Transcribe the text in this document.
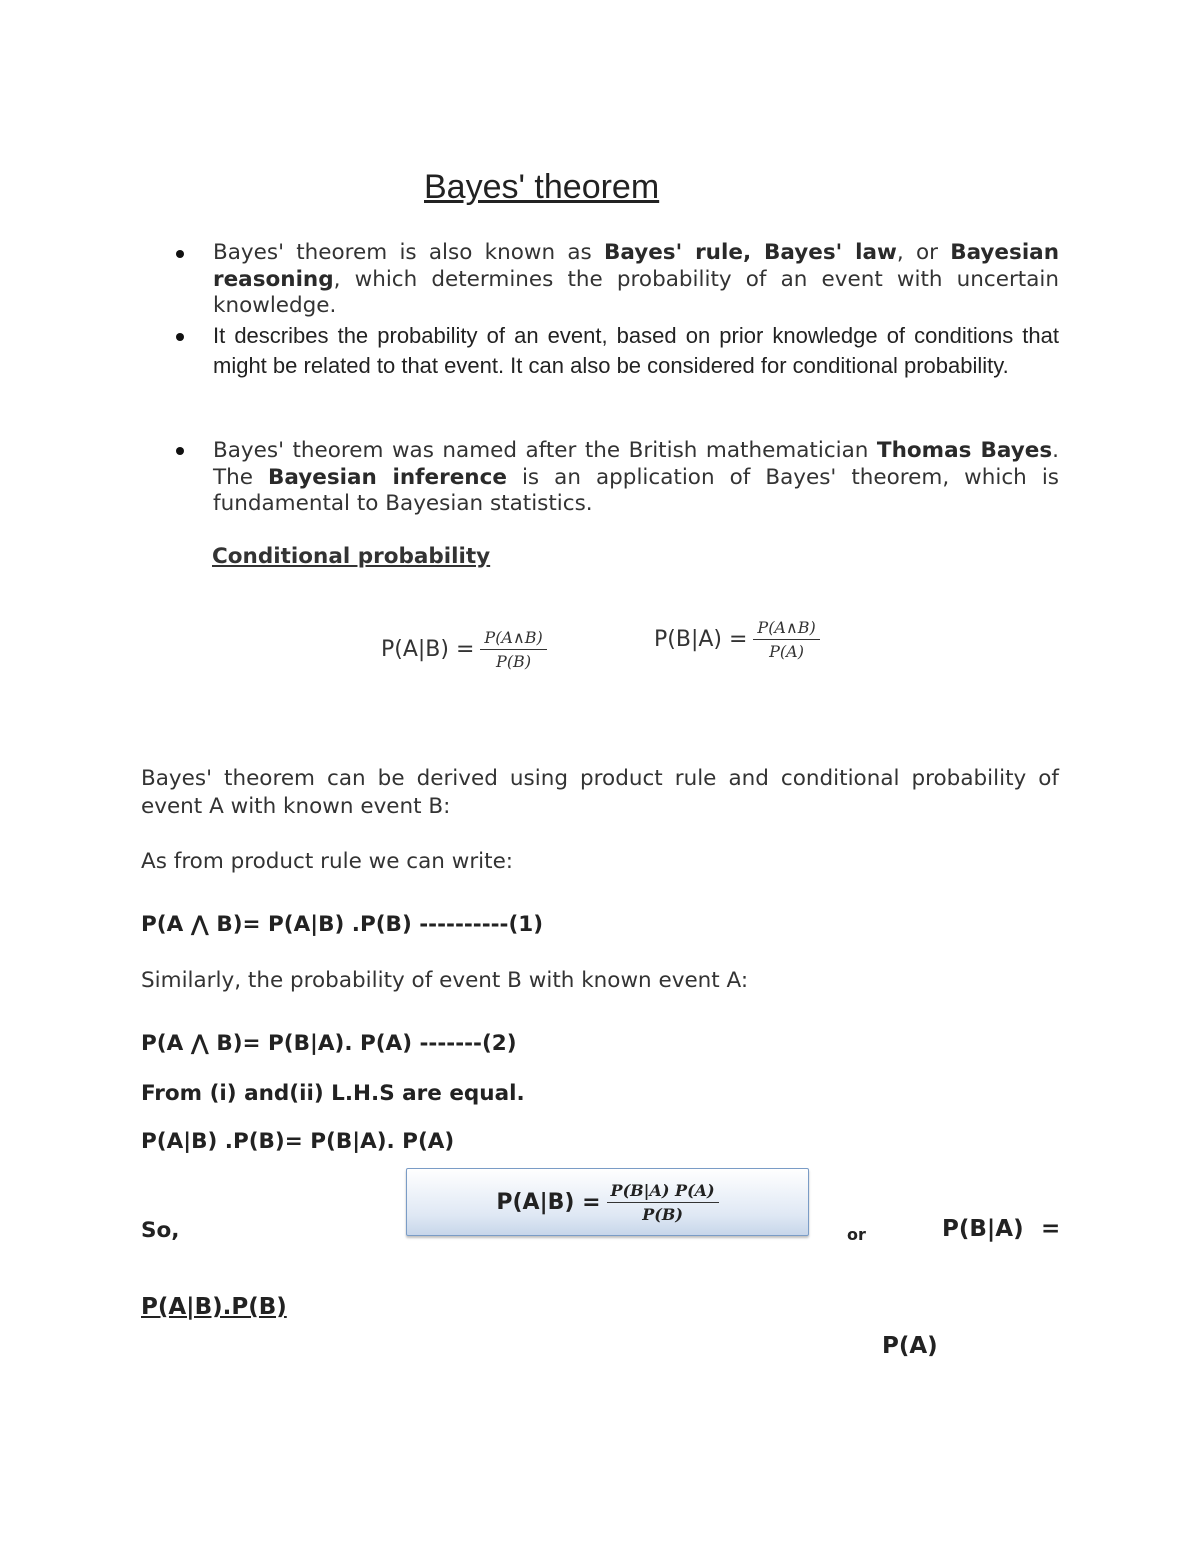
Bayes' theorem
Bayes' theorem is also known as Bayes' rule, Bayes' law, or Bayesian reasoning, which determines the probability of an event with uncertain knowledge.
It describes the probability of an event, based on prior knowledge of conditions that might be related to that event. It can also be considered for conditional probability.
Bayes' theorem was named after the British mathematician Thomas Bayes. The Bayesian inference is an application of Bayes' theorem, which is fundamental to Bayesian statistics.
Conditional probability
$P(A|B) = \frac{P(A\wedge B)}{P(B)}$	$P(B|A) = \frac{P(A\wedge B)}{P(A)}$
Bayes' theorem can be derived using product rule and conditional probability of event A with known event B:
As from product rule we can write:
P(A ⋀ B)= P(A|B) .P(B) ----------(1)
Similarly, the probability of event B with known event A:
P(A ⋀ B)= P(B|A). P(A) -------(2)
From (i) and(ii) L.H.S are equal.
P(A|B) .P(B)= P(B|A). P(A)
So,
$P(A|B) = \frac{P(B|A) P(A)}{P(B)}$
or	P(B|A) =
P(A|B).P(B)
P(A)
